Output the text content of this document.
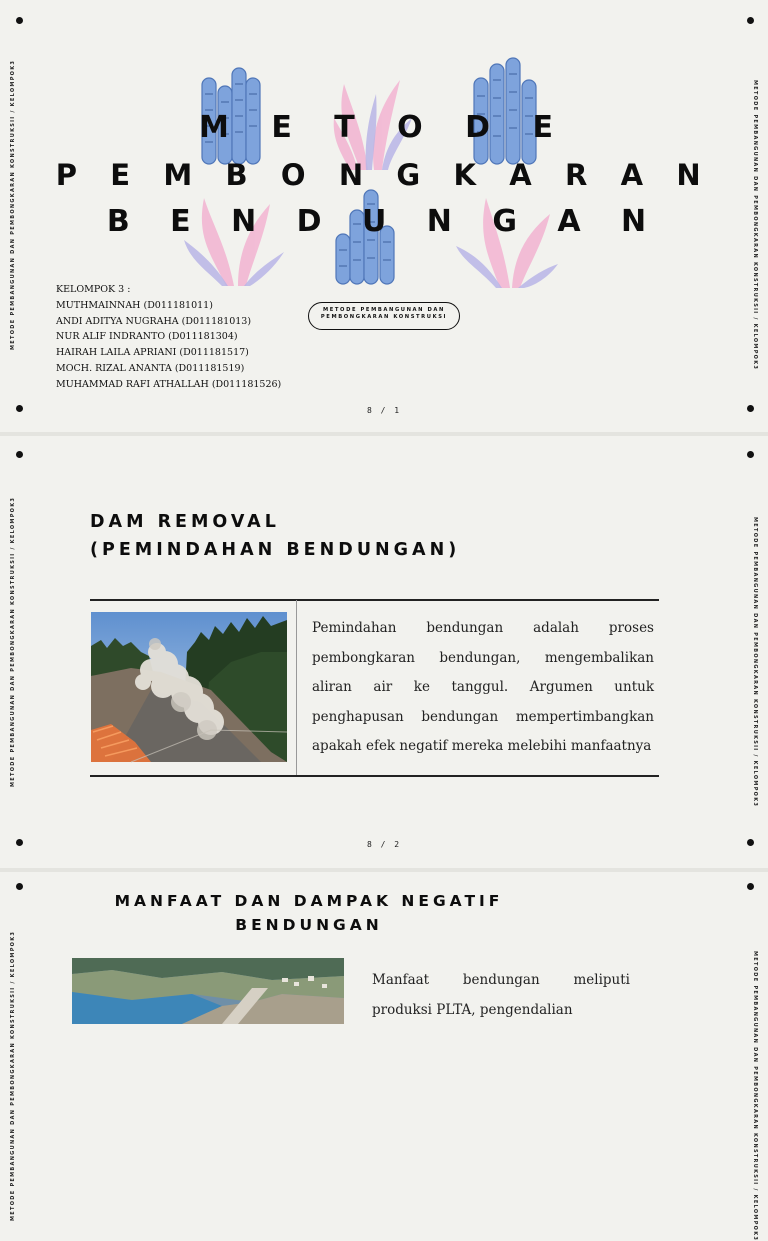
METODE PEMBANGUNAN DAN PEMBONGKARAN KONSTRUKSII / KELOMPOK3	METODE PEMBANGUNAN DAN PEMBONGKARAN KONSTRUKSII / KELOMPOK3
M E T O D E
P E M B O N G K A R A N
B E N D U N G A N
KELOMPOK 3 :
MUTHMAINNAH (D011181011)
ANDI ADITYA NUGRAHA (D011181013)
NUR ALIF INDRANTO (D011181304)
HAIRAH LAILA APRIANI (D011181517)
MOCH. RIZAL ANANTA (D011181519)
MUHAMMAD RAFI ATHALLAH (D011181526)
METODE PEMBANGUNAN DAN PEMBONGKARAN KONSTRUKSI
8 / 1
METODE PEMBANGUNAN DAN PEMBONGKARAN KONSTRUKSII / KELOMPOK3	METODE PEMBANGUNAN DAN PEMBONGKARAN KONSTRUKSII / KELOMPOK3
DAM REMOVAL
(PEMINDAHAN BENDUNGAN)
Pemindahan bendungan adalah proses pembongkaran bendungan, mengembalikan aliran air ke tanggul. Argumen untuk penghapusan bendungan mempertimbangkan apakah efek negatif mereka melebihi manfaatnya
8 / 2
METODE PEMBANGUNAN DAN PEMBONGKARAN KONSTRUKSII / KELOMPOK3	METODE PEMBANGUNAN DAN PEMBONGKARAN KONSTRUKSII / KELOMPOK3
MANFAAT DAN DAMPAK NEGATIF
BENDUNGAN
Manfaat bendungan meliputi produksi PLTA, pengendalian
